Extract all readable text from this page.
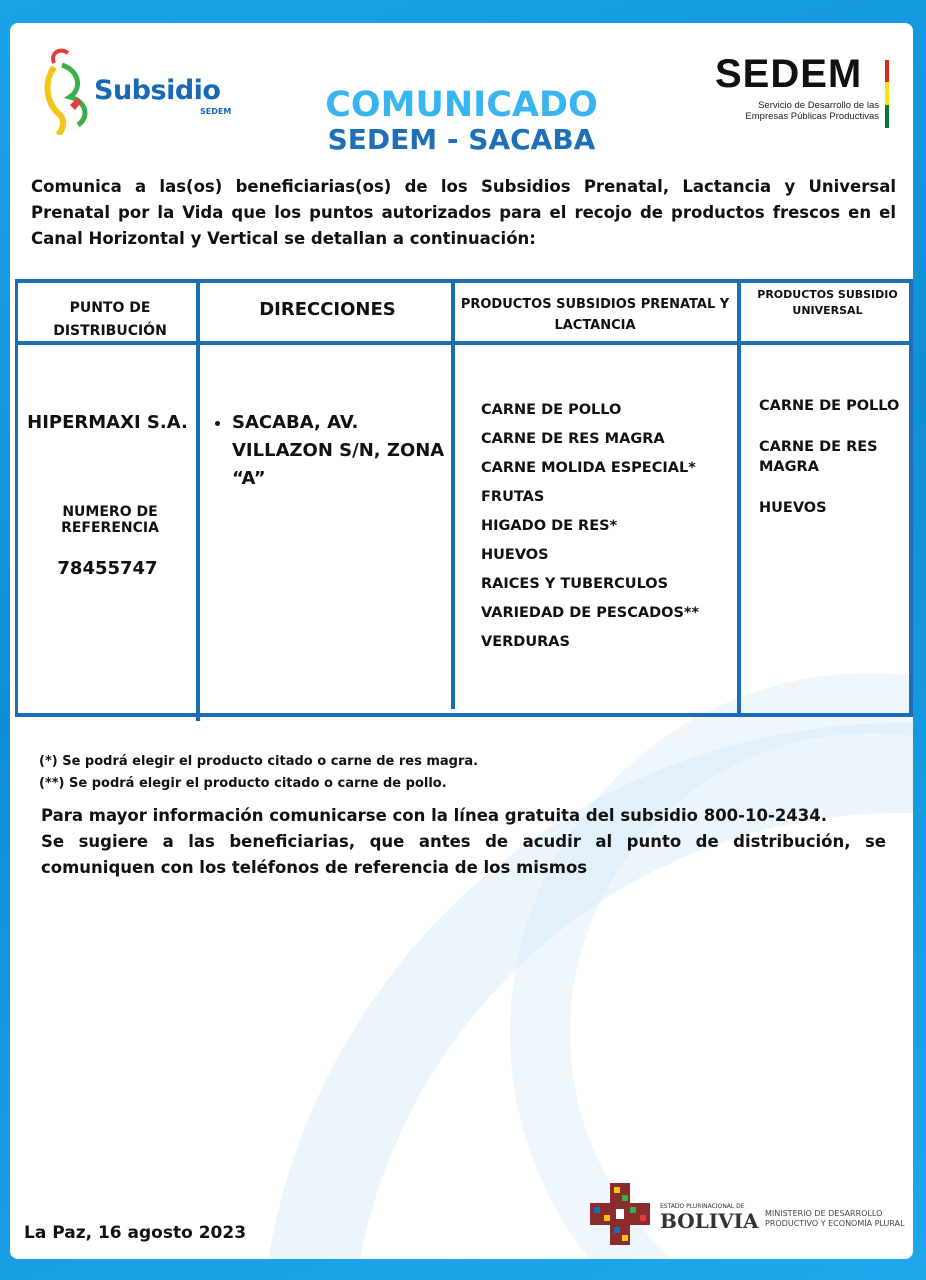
Subsidio
SEDEM
SEDEM
Servicio de Desarrollo de las Empresas Públicas Productivas
COMUNICADO
SEDEM - SACABA
Comunica a las(os) beneficiarias(os) de los Subsidios Prenatal, Lactancia y Universal Prenatal por la Vida que los puntos autorizados para el recojo de productos frescos en el Canal Horizontal y Vertical se detallan a continuación:
PUNTO DE DISTRIBUCIÓN
DIRECCIONES	PRODUCTOS SUBSIDIOS PRENATAL Y LACTANCIA
PRODUCTOS SUBSIDIO UNIVERSAL
HIPERMAXI S.A.
NUMERO DE REFERENCIA
78455747
• SACABA, AV. VILLAZON S/N, ZONA “A”
CARNE DE POLLO
CARNE DE RES MAGRA
CARNE MOLIDA ESPECIAL*
FRUTAS
HIGADO DE RES*
HUEVOS
RAICES Y TUBERCULOS
VARIEDAD DE PESCADOS**
VERDURAS
CARNE DE POLLO
CARNE DE RES MAGRA
HUEVOS
(*) Se podrá elegir el producto citado o carne de res magra.
(**) Se podrá elegir el producto citado o carne de pollo.
Para mayor información comunicarse con la línea gratuita del subsidio 800-10-2434.
Se sugiere a las beneficiarias, que antes de acudir al punto de distribución, se comuniquen con los teléfonos de referencia de los mismos
La Paz, 16 agosto 2023
ESTADO PLURINACIONAL DE
BOLIVIA MINISTERIO DE DESARROLLO PRODUCTIVO Y ECONOMÍA PLURAL
